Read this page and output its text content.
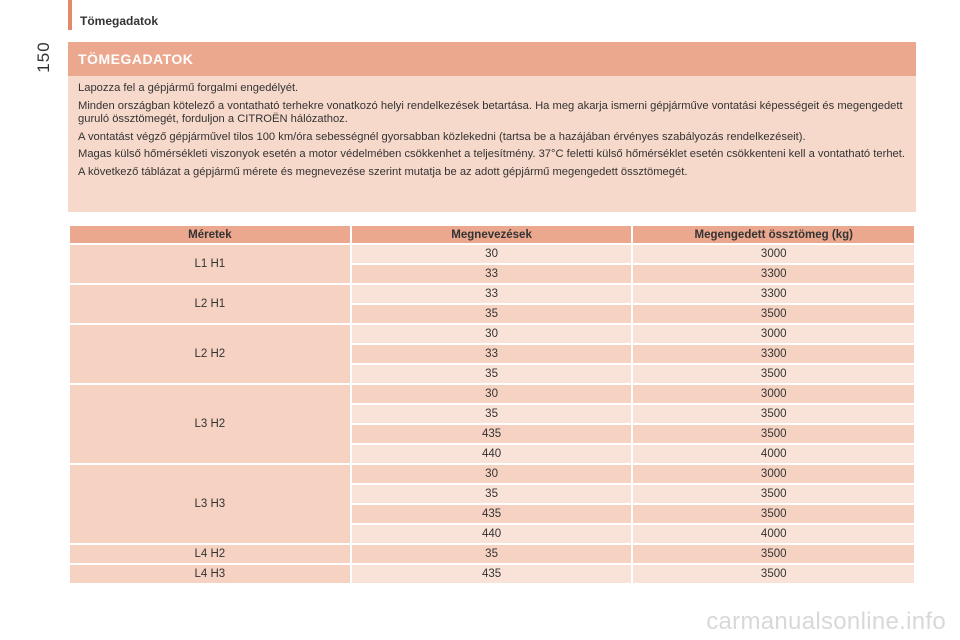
Tömegadatok
150	TÖMEGADATOK

Lapozza fel a gépjármű forgalmi engedélyét.

Minden országban kötelező a vontatható terhekre vonatkozó helyi rendelkezések betartása. Ha meg akarja ismerni gépjárműve vontatási képességeit és megengedett guruló össztömegét, forduljon a CITROËN hálózathoz.

A vontatást végző gépjárművel tilos 100 km/óra sebességnél gyorsabban közlekedni (tartsa be a hazájában érvényes szabályozás rendelkezéseit).

Magas külső hőmérsékleti viszonyok esetén a motor védelmében csökkenhet a teljesítmény. 37°C feletti külső hőmérséklet esetén csökkenteni kell a vontatható terhet.

A következő táblázat a gépjármű mérete és megnevezése szerint mutatja be az adott gépjármű megengedett össztömegét.

Méretek	Megnevezések	Megengedett össztömeg (kg)
L1 H1	30	3000
	33	3300
L2 H1	33	3300
	35	3500
L2 H2	30	3000
	33	3300
	35	3500
L3 H2	30	3000
	35	3500
	435	3500
	440	4000
L3 H3	30	3000
	35	3500
	435	3500
	440	4000
L4 H2	35	3500
L4 H3	435	3500
carmanualsonline.info
